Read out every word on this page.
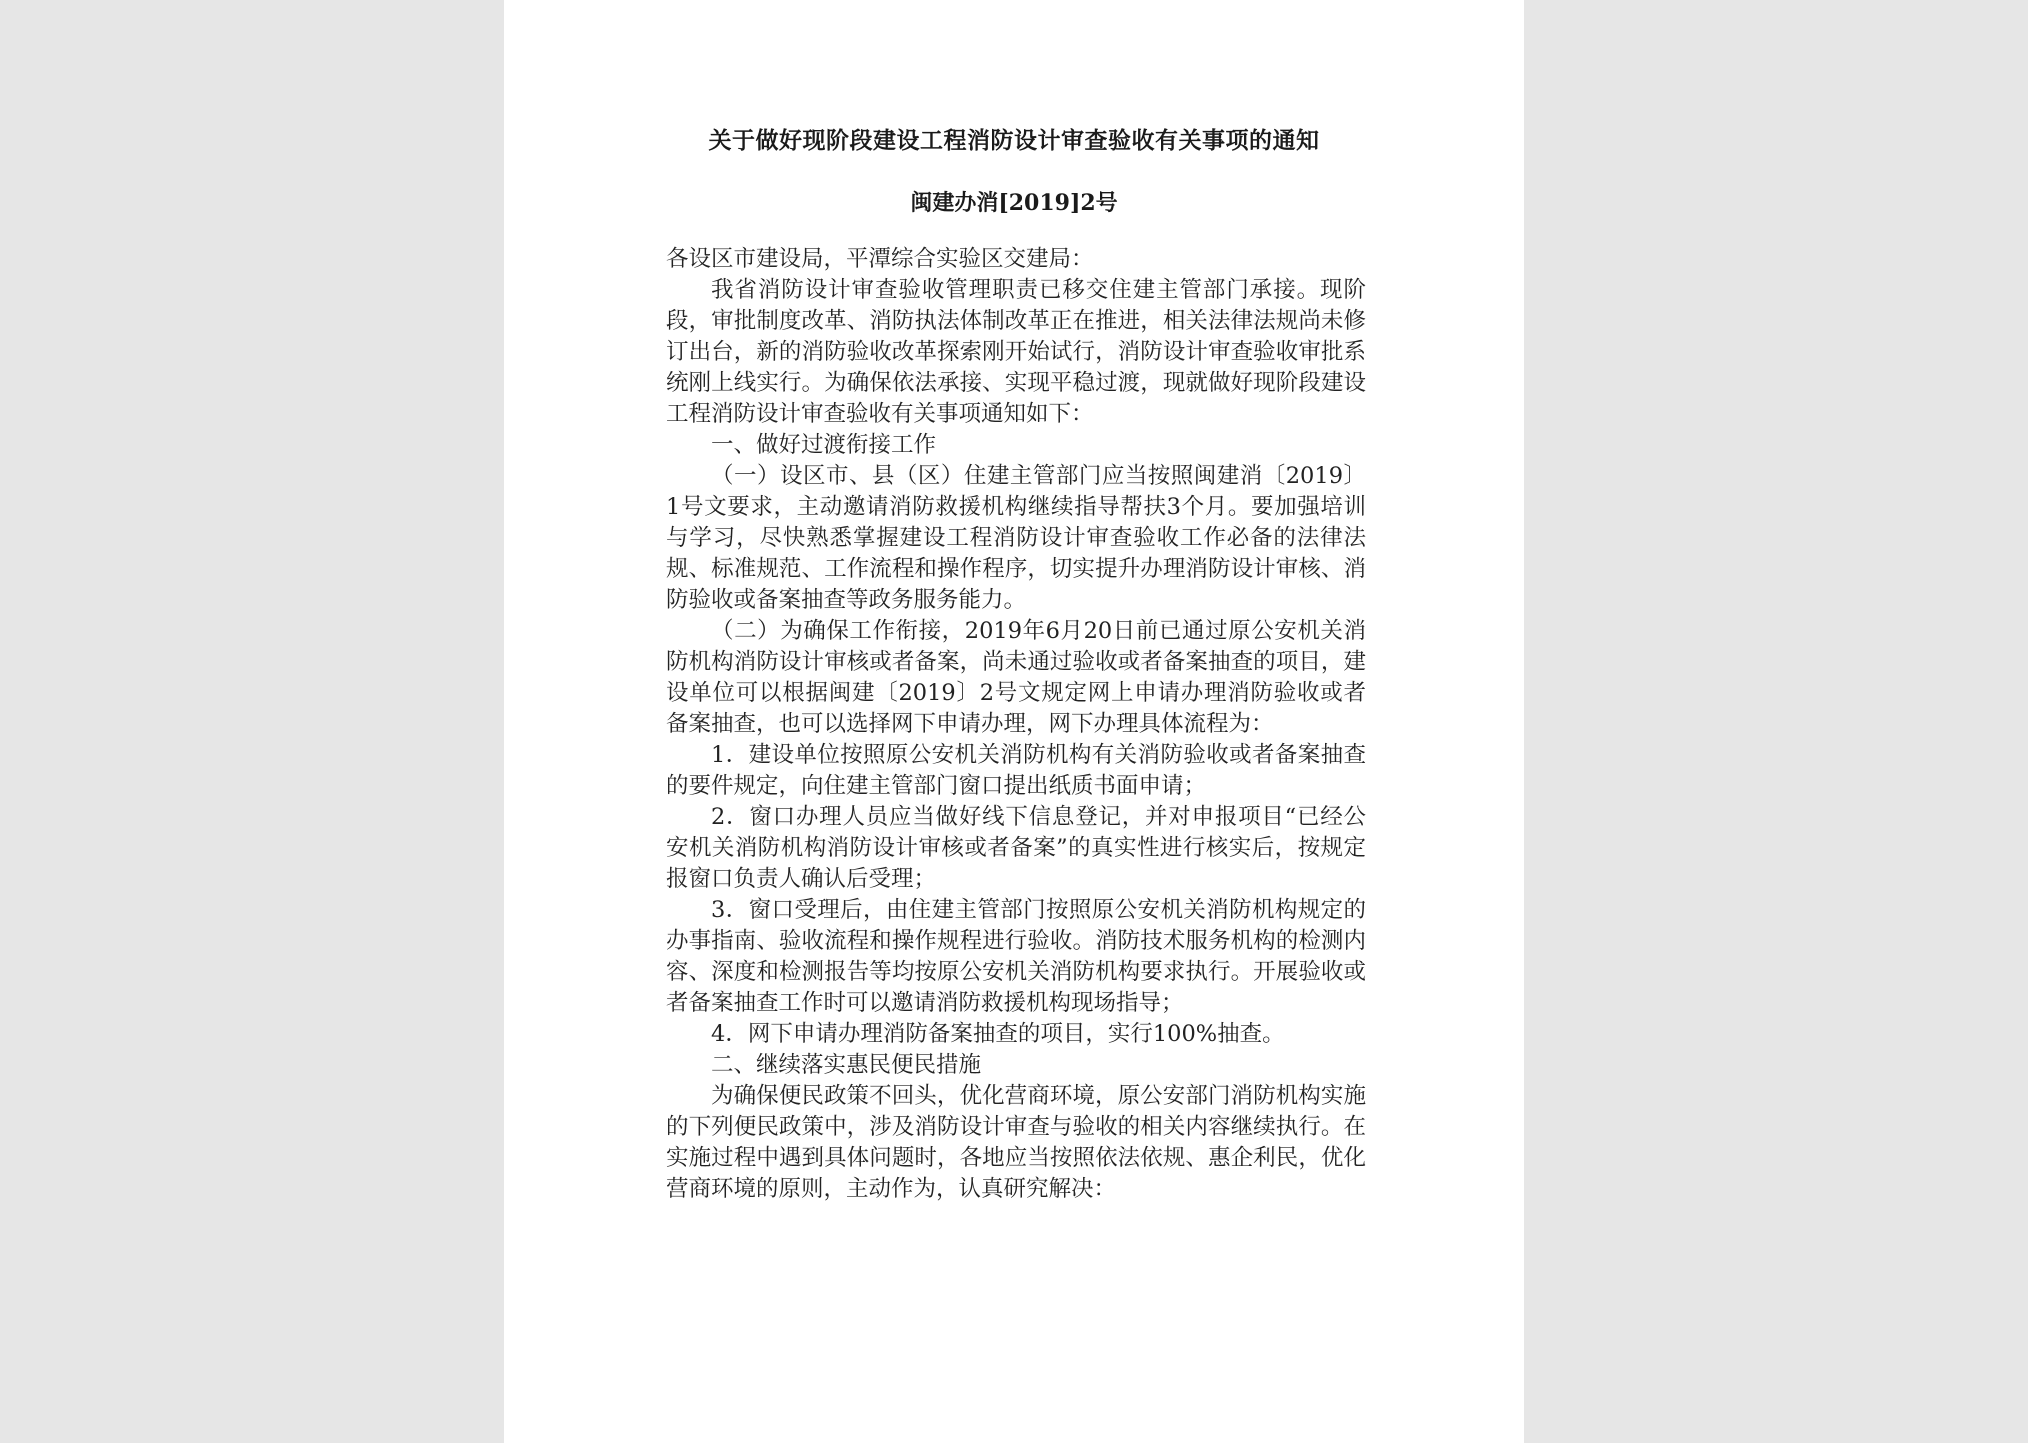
关于做好现阶段建设工程消防设计审查验收有关事项的通知
闽建办消[2019]2号

各设区市建设局，平潭综合实验区交建局：

我省消防设计审查验收管理职责已移交住建主管部门承接。现阶段，审批制度改革、消防执法体制改革正在推进，相关法律法规尚未修订出台，新的消防验收改革探索刚开始试行，消防设计审查验收审批系统刚上线实行。为确保依法承接、实现平稳过渡，现就做好现阶段建设工程消防设计审查验收有关事项通知如下：

一、做好过渡衔接工作

（一）设区市、县（区）住建主管部门应当按照闽建消〔2019〕1号文要求，主动邀请消防救援机构继续指导帮扶3个月。要加强培训与学习，尽快熟悉掌握建设工程消防设计审查验收工作必备的法律法规、标准规范、工作流程和操作程序，切实提升办理消防设计审核、消防验收或备案抽查等政务服务能力。

（二）为确保工作衔接，2019年6月20日前已通过原公安机关消防机构消防设计审核或者备案，尚未通过验收或者备案抽查的项目，建设单位可以根据闽建〔2019〕2号文规定网上申请办理消防验收或者备案抽查，也可以选择网下申请办理，网下办理具体流程为：

1．建设单位按照原公安机关消防机构有关消防验收或者备案抽查的要件规定，向住建主管部门窗口提出纸质书面申请；

2．窗口办理人员应当做好线下信息登记，并对申报项目“已经公安机关消防机构消防设计审核或者备案”的真实性进行核实后，按规定报窗口负责人确认后受理；

3．窗口受理后，由住建主管部门按照原公安机关消防机构规定的办事指南、验收流程和操作规程进行验收。消防技术服务机构的检测内容、深度和检测报告等均按原公安机关消防机构要求执行。开展验收或者备案抽查工作时可以邀请消防救援机构现场指导；

4．网下申请办理消防备案抽查的项目，实行100%抽查。

二、继续落实惠民便民措施

为确保便民政策不回头，优化营商环境，原公安部门消防机构实施的下列便民政策中，涉及消防设计审查与验收的相关内容继续执行。在实施过程中遇到具体问题时，各地应当按照依法依规、惠企利民，优化营商环境的原则，主动作为，认真研究解决：
